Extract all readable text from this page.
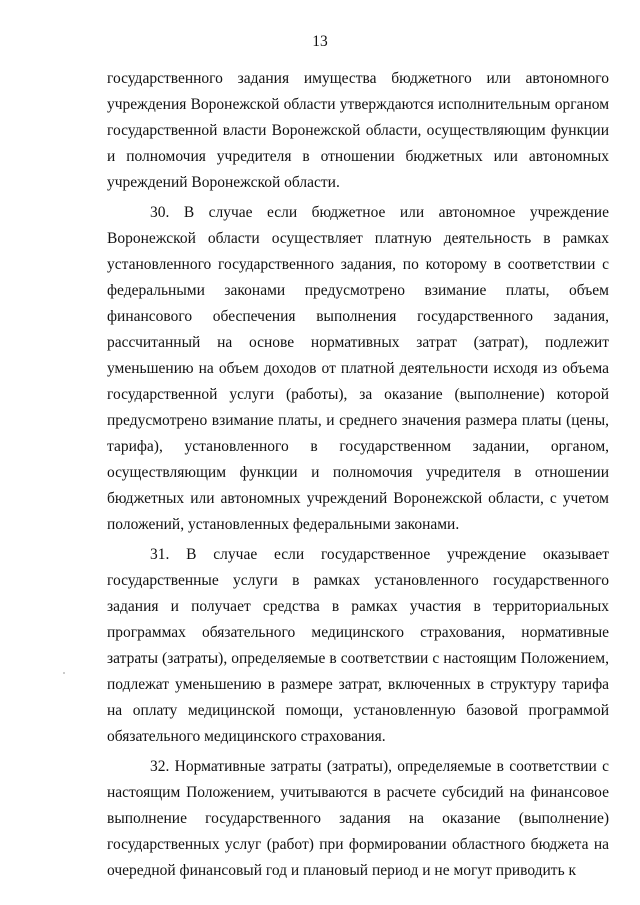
13

государственного задания имущества бюджетного или автономного учреждения Воронежской области утверждаются исполнительным органом государственной власти Воронежской области, осуществляющим функции и полномочия учредителя в отношении бюджетных или автономных учреждений Воронежской области.

30. В случае если бюджетное или автономное учреждение Воронежской области осуществляет платную деятельность в рамках установленного государственного задания, по которому в соответствии с федеральными законами предусмотрено взимание платы, объем финансового обеспечения выполнения государственного задания, рассчитанный на основе нормативных затрат (затрат), подлежит уменьшению на объем доходов от платной деятельности исходя из объема государственной услуги (работы), за оказание (выполнение) которой предусмотрено взимание платы, и среднего значения размера платы (цены, тарифа), установленного в государственном задании, органом, осуществляющим функции и полномочия учредителя в отношении бюджетных или автономных учреждений Воронежской области, с учетом положений, установленных федеральными законами.

31. В случае если государственное учреждение оказывает государственные услуги в рамках установленного государственного задания и получает средства в рамках участия в территориальных программах обязательного медицинского страхования, нормативные затраты (затраты), определяемые в соответствии с настоящим Положением, подлежат уменьшению в размере затрат, включенных в структуру тарифа на оплату медицинской помощи, установленную базовой программой обязательного медицинского страхования.

32. Нормативные затраты (затраты), определяемые в соответствии с настоящим Положением, учитываются в расчете субсидий на финансовое выполнение государственного задания на оказание (выполнение) государственных услуг (работ) при формировании областного бюджета на очередной финансовый год и плановый период и не могут приводить к
